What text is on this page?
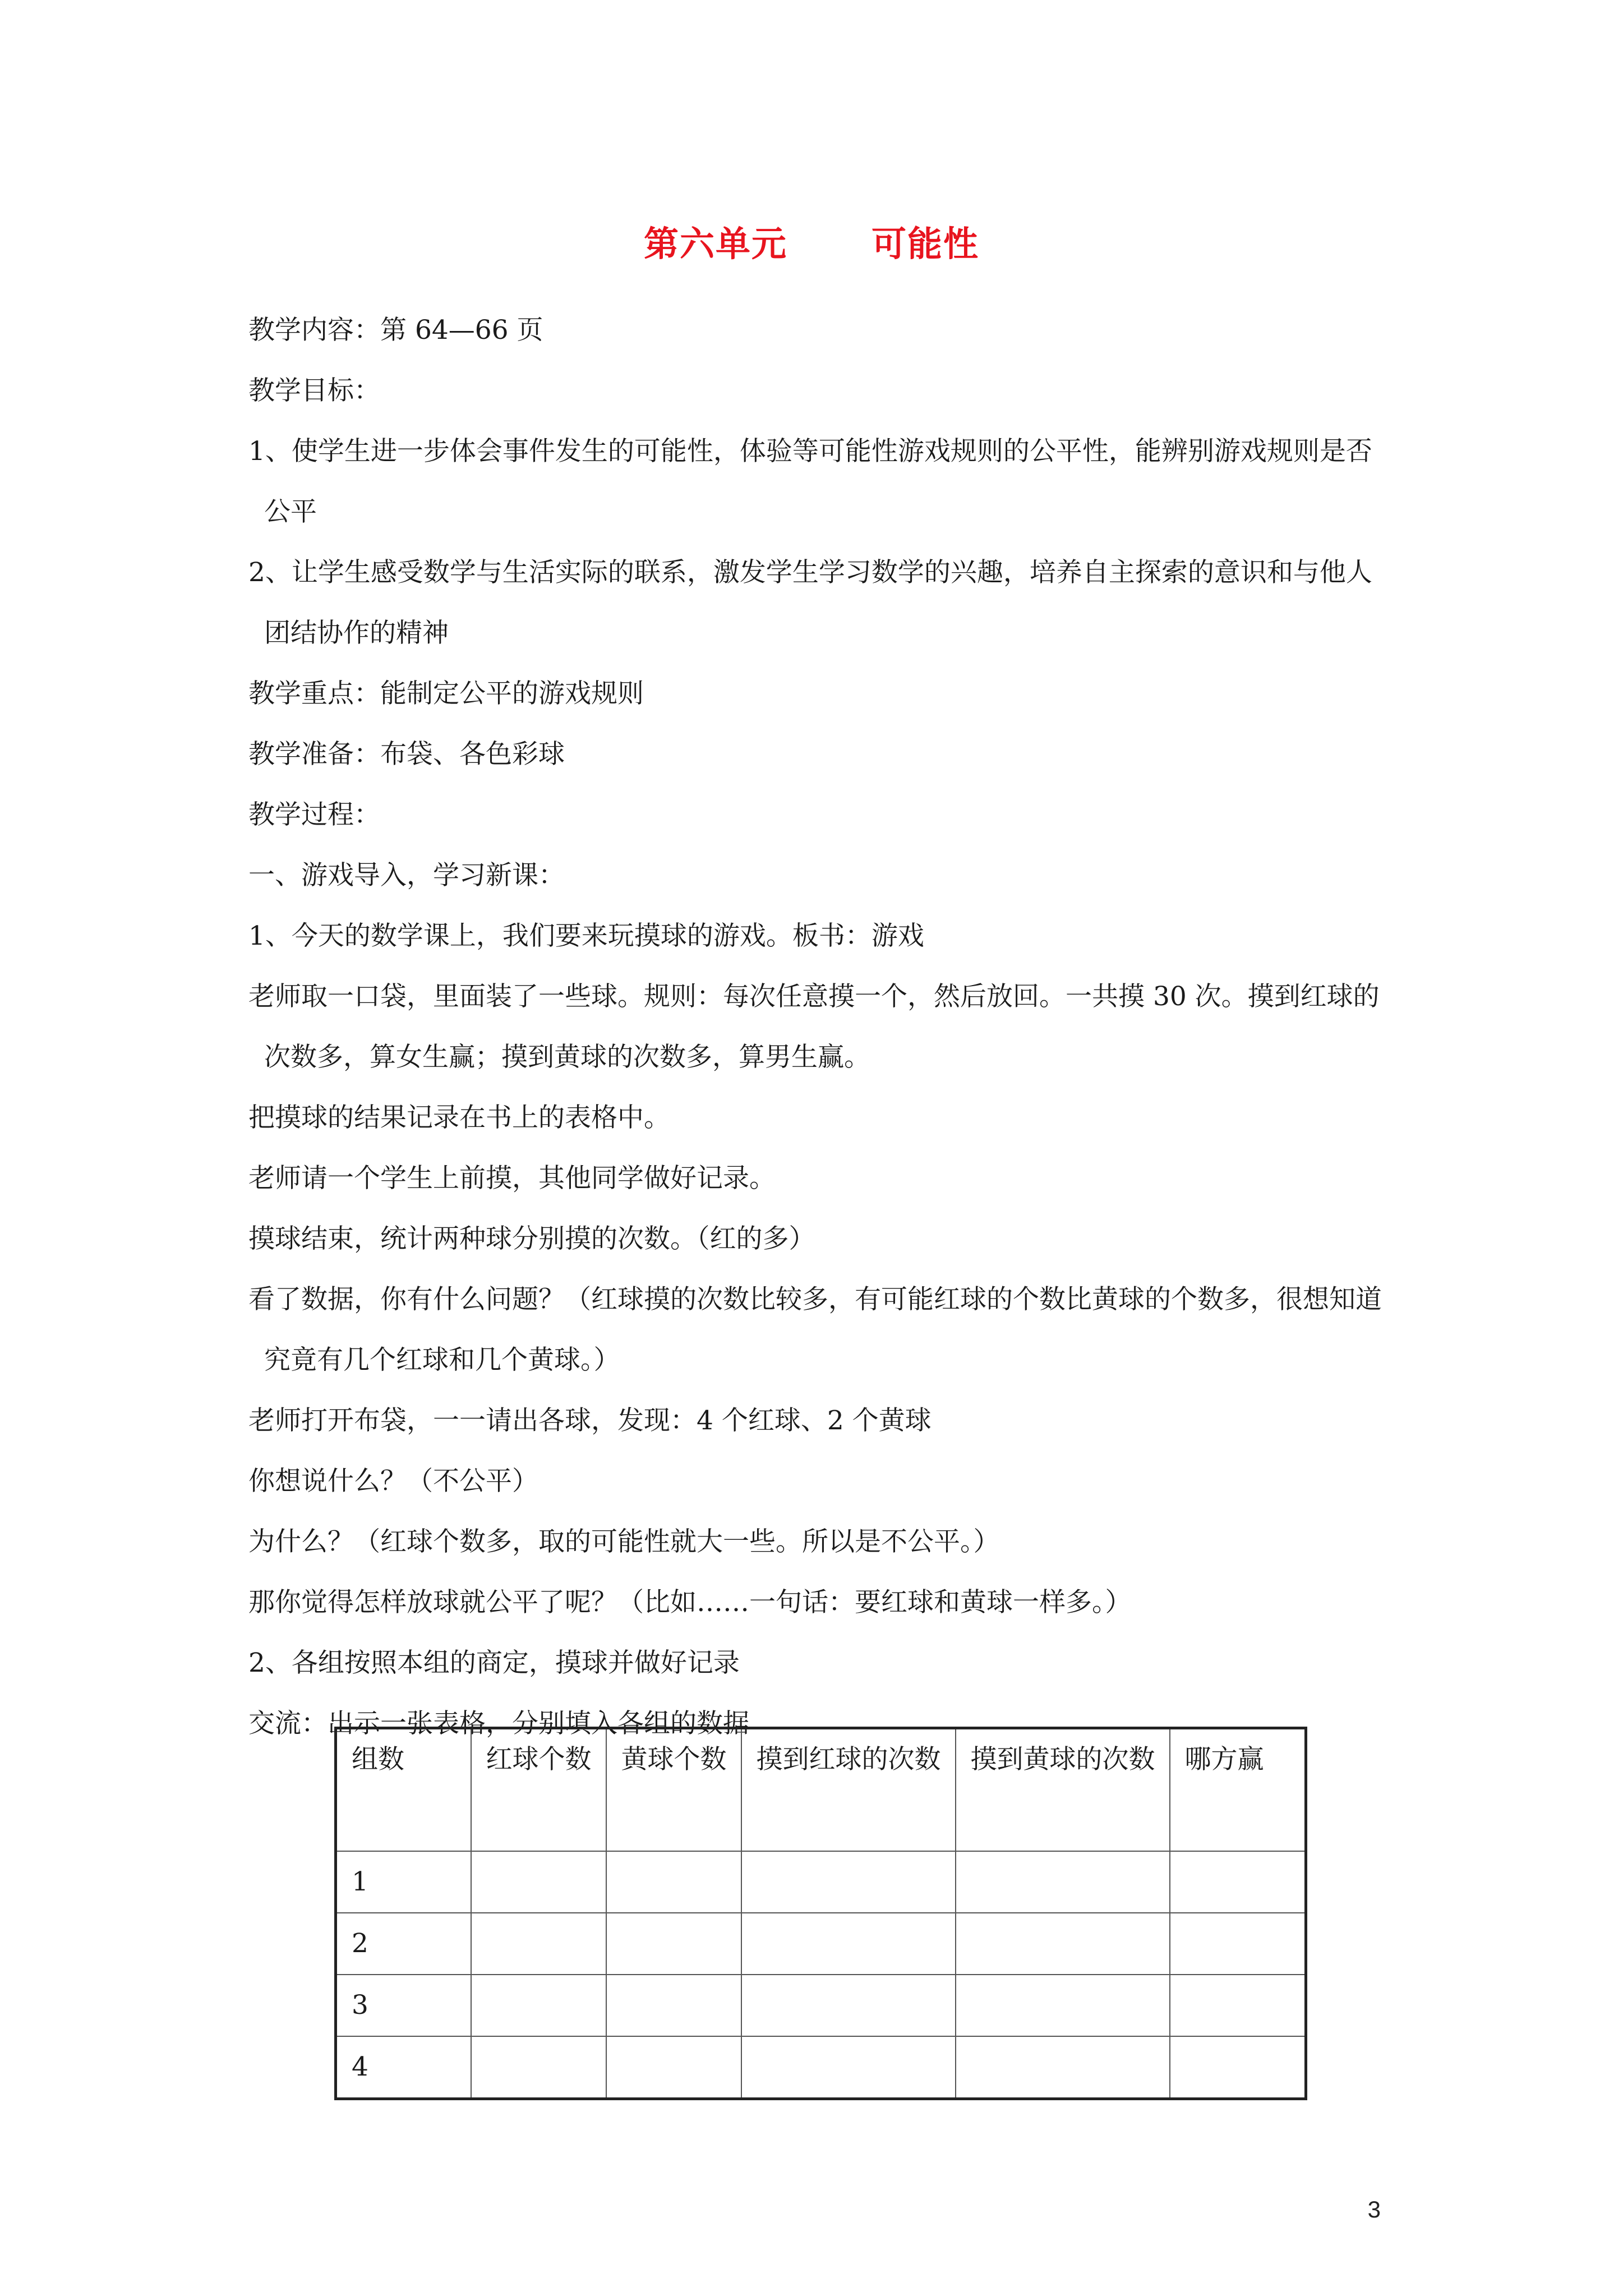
第六单元 可能性

教学内容：第 64—66 页

教学目标：

1、使学生进一步体会事件发生的可能性，体验等可能性游戏规则的公平性，能辨别游戏规则是否公平

2、让学生感受数学与生活实际的联系，激发学生学习数学的兴趣，培养自主探索的意识和与他人团结协作的精神

教学重点：能制定公平的游戏规则

教学准备：布袋、各色彩球

教学过程：

一、游戏导入，学习新课：

1、今天的数学课上，我们要来玩摸球的游戏。板书：游戏

老师取一口袋，里面装了一些球。规则：每次任意摸一个，然后放回。一共摸 30 次。摸到红球的次数多，算女生赢；摸到黄球的次数多，算男生赢。

把摸球的结果记录在书上的表格中。

老师请一个学生上前摸，其他同学做好记录。

摸球结束，统计两种球分别摸的次数。（红的多）

看了数据，你有什么问题？（红球摸的次数比较多，有可能红球的个数比黄球的个数多，很想知道究竟有几个红球和几个黄球。）

老师打开布袋，一一请出各球，发现：4 个红球、2 个黄球

你想说什么？（不公平）

为什么？（红球个数多，取的可能性就大一些。所以是不公平。）

那你觉得怎样放球就公平了呢？（比如……一句话：要红球和黄球一样多。）

2、各组按照本组的商定，摸球并做好记录

交流：出示一张表格，分别填入各组的数据

组数	红球个数	黄球个数	摸到红球的次数	摸到黄球的次数	哪方赢
1					
2					
3					
4					
3
